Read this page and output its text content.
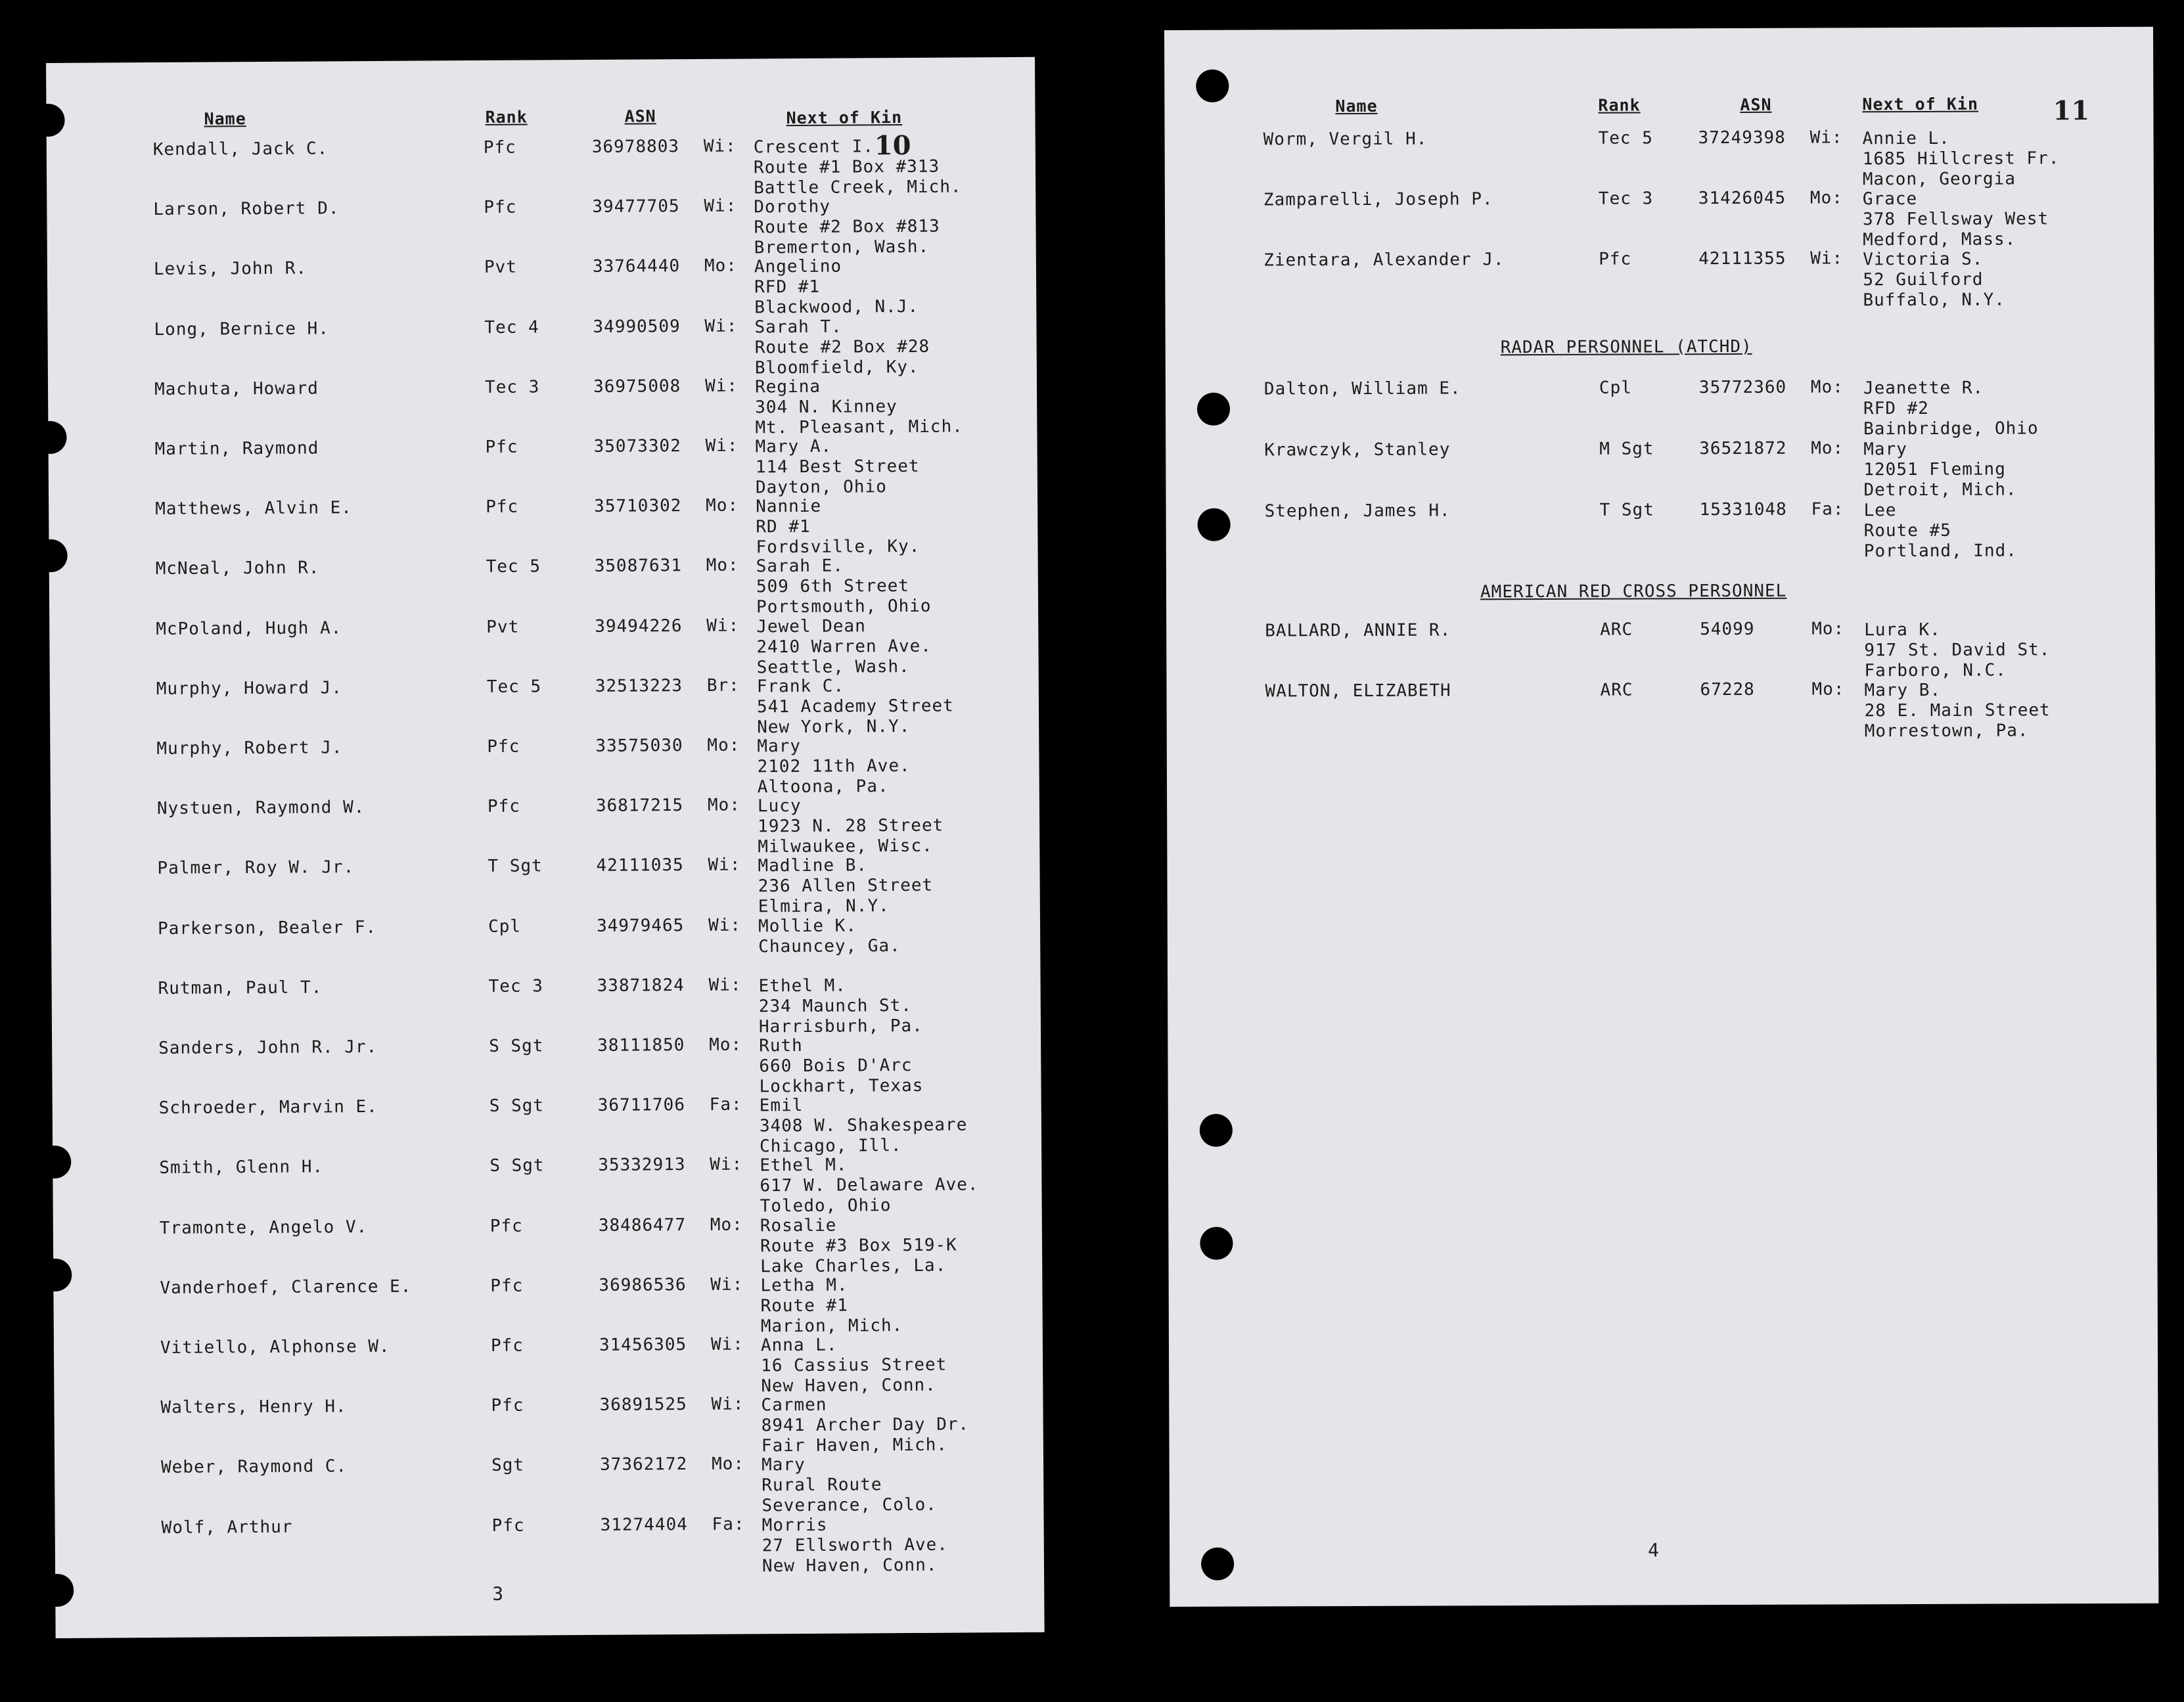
Name	Rank	ASN	Next of Kin
10
Kendall, Jack C.	Pfc	36978803 Wi: Crescent I.
Route #1 Box #313
Battle Creek, Mich.
Larson, Robert D.	Pfc	39477705 Wi: Dorothy
Route #2 Box #813
Bremerton, Wash.
Levis, John R.	Pvt	33764440 Mo: Angelino
RFD #1
Blackwood, N.J.
Long, Bernice H.	Tec 4	34990509 Wi: Sarah T.
Route #2 Box #28
Bloomfield, Ky.
Machuta, Howard	Tec 3	36975008 Wi: Regina
304 N. Kinney
Mt. Pleasant, Mich.
Martin, Raymond	Pfc	35073302 Wi: Mary A.
114 Best Street
Dayton, Ohio
Matthews, Alvin E.	Pfc	35710302 Mo: Nannie
RD #1
Fordsville, Ky.
McNeal, John R.	Tec 5	35087631 Mo: Sarah E.
509 6th Street
Portsmouth, Ohio
McPoland, Hugh A.	Pvt	39494226 Wi: Jewel Dean
2410 Warren Ave.
Seattle, Wash.
Murphy, Howard J.	Tec 5	32513223 Br: Frank C.
541 Academy Street
New York, N.Y.
Murphy, Robert J.	Pfc	33575030 Mo: Mary
2102 11th Ave.
Altoona, Pa.
Nystuen, Raymond W.	Pfc	36817215 Mo: Lucy
1923 N. 28 Street
Milwaukee, Wisc.
Palmer, Roy W. Jr.	T Sgt	42111035 Wi: Madline B.
236 Allen Street
Elmira, N.Y.
Parkerson, Bealer F.	Cpl	34979465 Wi: Mollie K.
Chauncey, Ga.
Rutman, Paul T.	Tec 3	33871824 Wi: Ethel M.
234 Maunch St.
Harrisburh, Pa.
Sanders, John R. Jr.	S Sgt	38111850 Mo: Ruth
660 Bois D'Arc
Lockhart, Texas
Schroeder, Marvin E.	S Sgt	36711706 Fa: Emil
3408 W. Shakespeare
Chicago, Ill.
Smith, Glenn H.	S Sgt	35332913 Wi: Ethel M.
617 W. Delaware Ave.
Toledo, Ohio
Tramonte, Angelo V.	Pfc	38486477 Mo: Rosalie
Route #3 Box 519-K
Lake Charles, La.
Vanderhoef, Clarence E.	Pfc	36986536 Wi: Letha M.
Route #1
Marion, Mich.
Vitiello, Alphonse W.	Pfc	31456305 Wi: Anna L.
16 Cassius Street
New Haven, Conn.
Walters, Henry H.	Pfc	36891525 Wi: Carmen
8941 Archer Day Dr.
Fair Haven, Mich.
Weber, Raymond C.	Sgt	37362172 Mo: Mary
Rural Route
Severance, Colo.
Wolf, Arthur	Pfc	31274404 Fa: Morris
27 Ellsworth Ave.
New Haven, Conn.
3
Name	Rank	ASN	Next of Kin	11
Worm, Vergil H.	Tec 5	37249398 Wi: Annie L.
1685 Hillcrest Fr.
Macon, Georgia
Zamparelli, Joseph P.	Tec 3	31426045 Mo: Grace
378 Fellsway West
Medford, Mass.
Zientara, Alexander J.	Pfc	42111355 Wi: Victoria S.
52 Guilford
Buffalo, N.Y.
RADAR PERSONNEL (ATCHD)
Dalton, William E.	Cpl	35772360 Mo: Jeanette R.
RFD #2
Bainbridge, Ohio
Krawczyk, Stanley	M Sgt	36521872 Mo: Mary
12051 Fleming
Detroit, Mich.
Stephen, James H.	T Sgt	15331048 Fa: Lee
Route #5
Portland, Ind.
AMERICAN RED CROSS PERSONNEL
BALLARD, ANNIE R.	ARC	54099	Mo: Lura K.
917 St. David St.
Farboro, N.C.
WALTON, ELIZABETH	ARC	67228	Mo: Mary B.
28 E. Main Street
Morrestown, Pa.
4
